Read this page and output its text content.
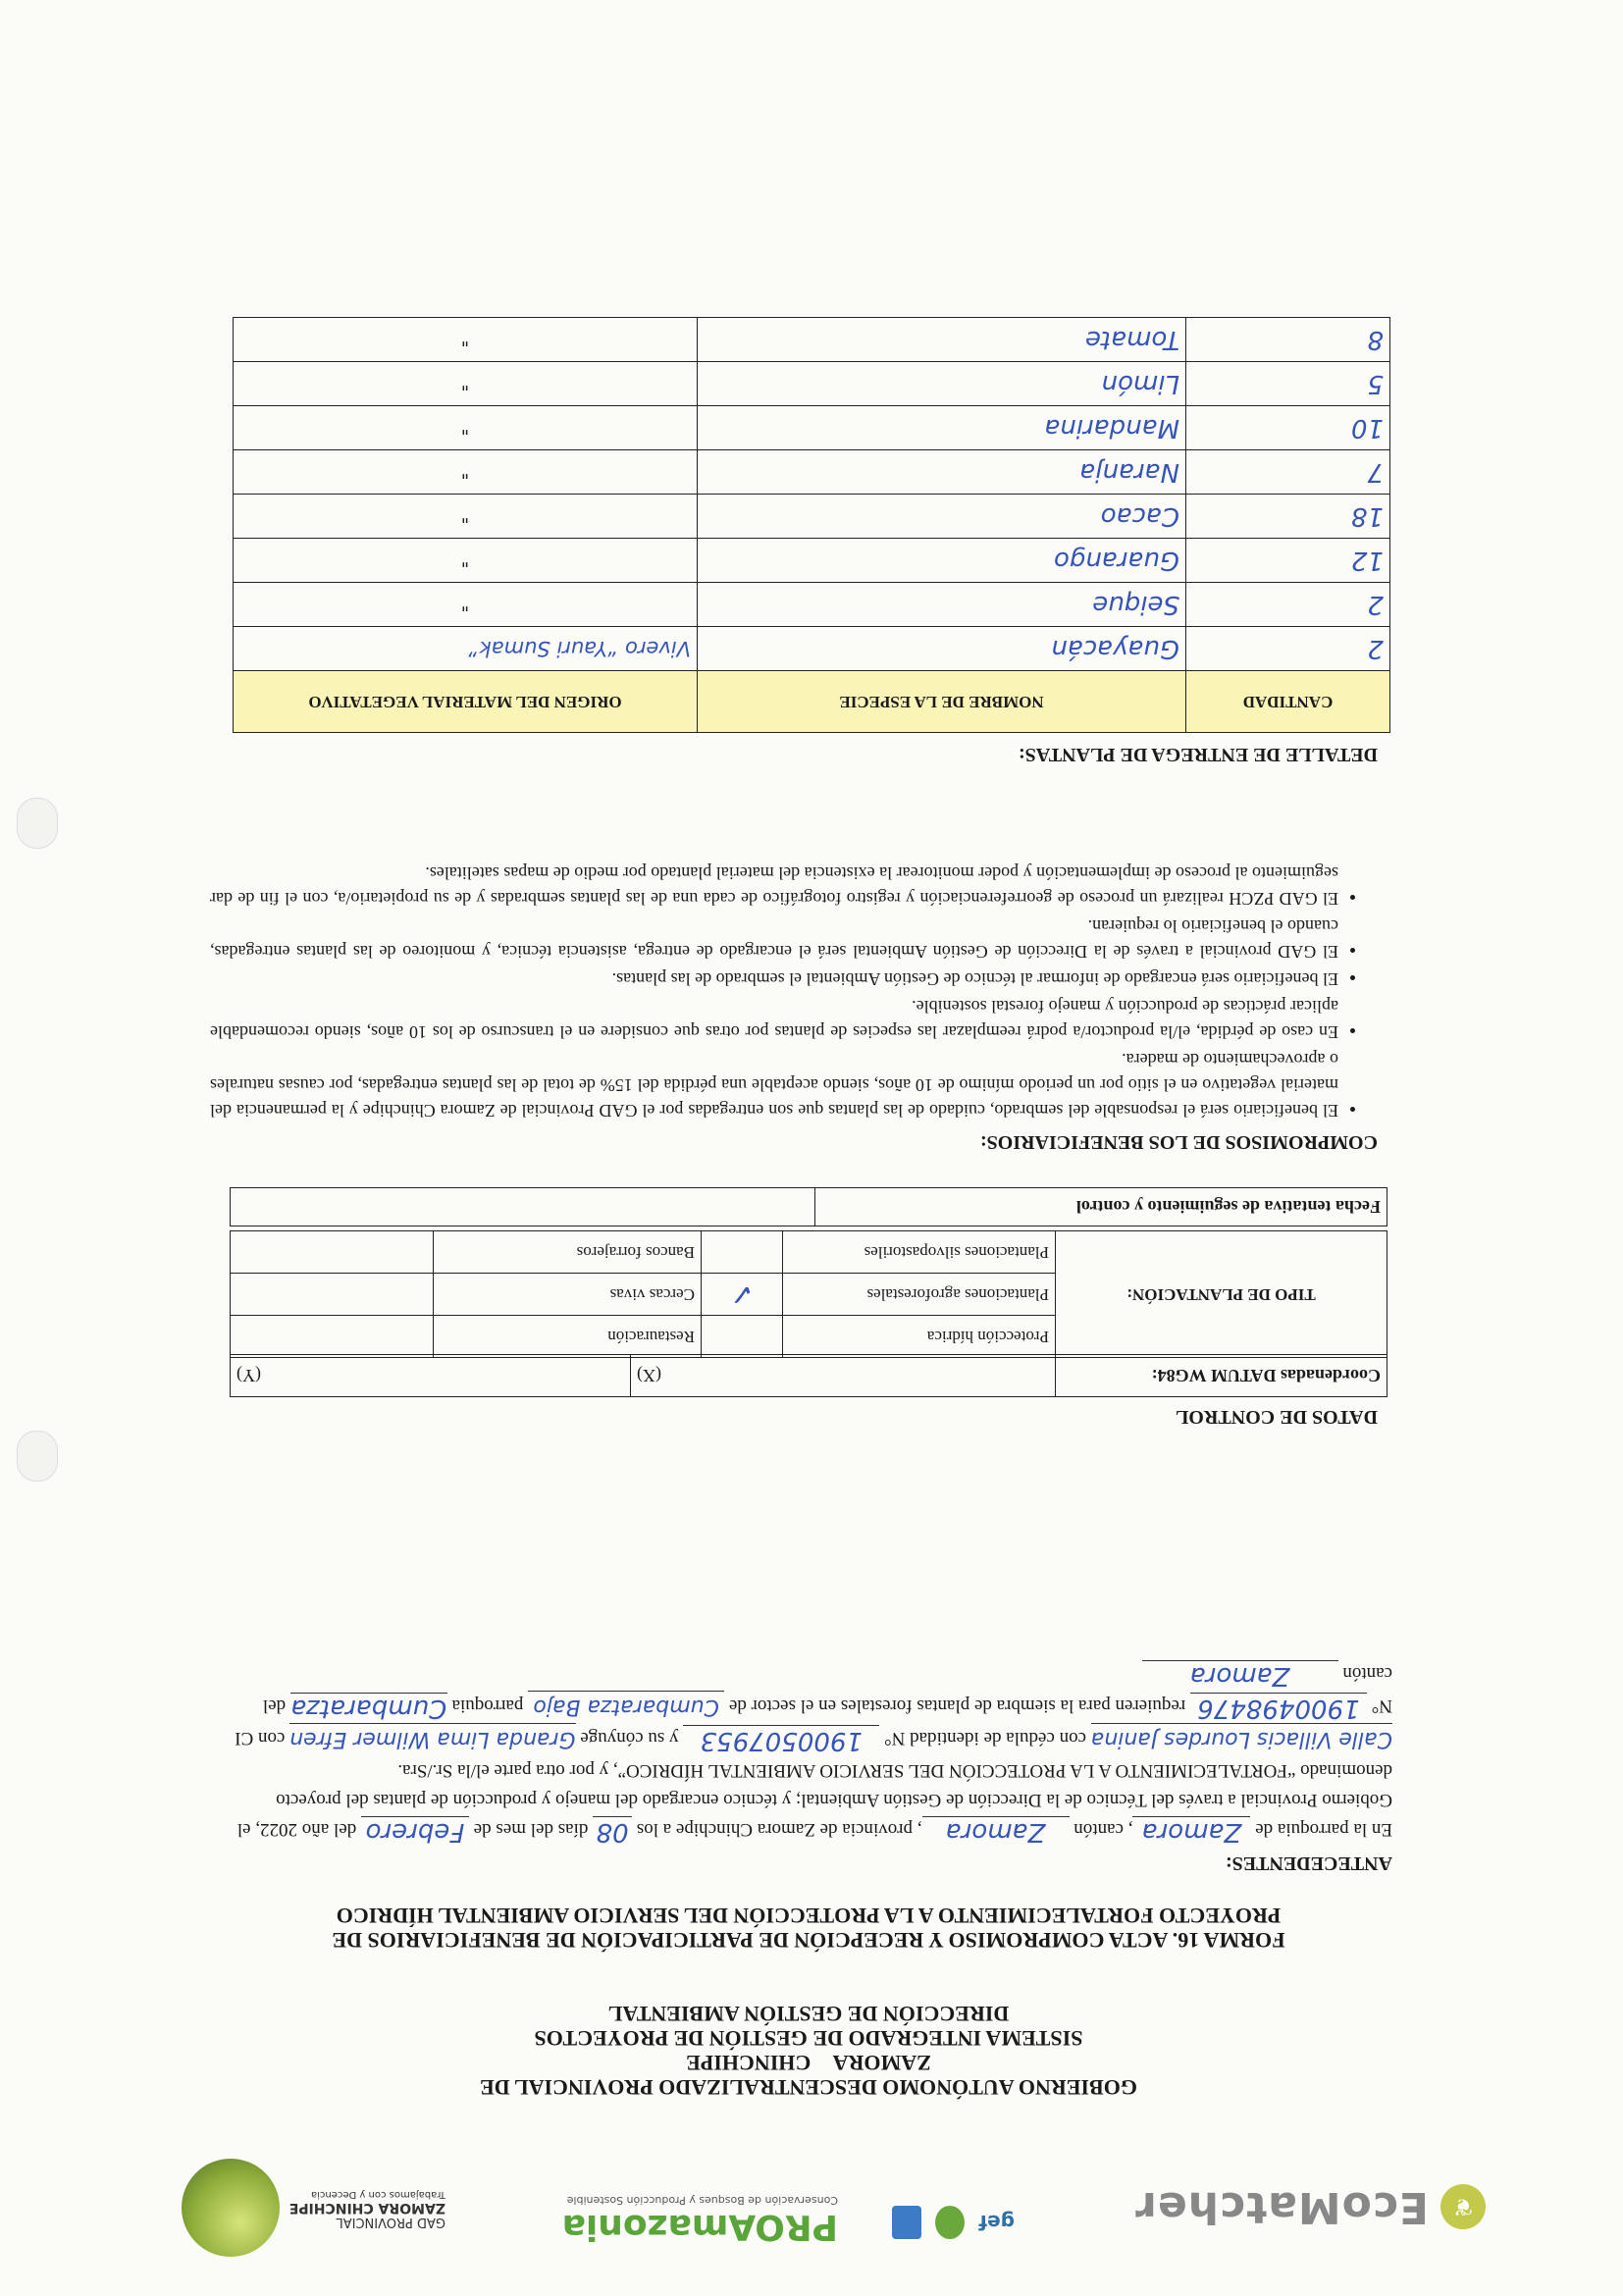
❦
EcoMatcher
gef
PROAmazonia
Conservación de Bosques y Producción Sostenible
GAD PROVINCIAL
ZAMORA CHINCHIPE
Trabajamos con y Decencia
GOBIERNO AUTÓNOMO DESCENTRALIZADO PROVINCIAL DE
ZAMORA CHINCHIPE
SISTEMA INTEGRADO DE GESTIÓN DE PROYECTOS
DIRECCIÓN DE GESTIÓN AMBIENTAL
FORMA 16. ACTA COMPROMISO Y RECEPCIÓN DE PARTICIPACIÓN DE BENEFICIARIOS DE
PROYECTO FORTALECIMIENTO A LA PROTECCIÓN DEL SERVICIO AMBIENTAL HÍDRICO
ANTECEDENTES:
En la parroquia de Zamora, cantón Zamora, provincia de Zamora Chinchipe a los 08 días del mes de Febrero del año 2022, el Gobierno Provincial a través del Técnico de la Dirección de Gestión Ambiental; y técnico encargado del manejo y producción de plantas del proyecto denominado “FORTALECIMIENTO A LA PROTECCIÓN DEL SERVICIO AMBIENTAL HÍDRICO”, y por otra parte el/la Sr./Sra. Calle Villacis Lourdes Janina con cédula de identidad N° 1900507953 y su cónyuge Granda Lima Wilmer Efren con CI N° 1900498476 requieren para la siembra de plantas forestales en el sector de Cumbaratza Bajo parroquia Cumbaratza del cantón Zamora
DATOS DE CONTROL
Coordenadas DATUM WG84:	(X)	(Y)
TIPO DE PLANTACIÓN:	Protección hídrica		Restauración	
	Plantaciones agroforestales	✓	Cercas vivas	
	Plantaciones silvopastoriles		Bancos forrajeros	
Fecha tentativa de seguimiento y control	
COMPROMISOS DE LOS BENEFICIARIOS:
• El beneficiario será el responsable del sembrado, cuidado de las plantas que son entregadas por el GAD Provincial de Zamora Chinchipe y la permanencia del material vegetativo en el sitio por un periodo mínimo de 10 años, siendo aceptable una pérdida del 15% de total de las plantas entregadas, por causas naturales o aprovechamiento de madera.
• En caso de pérdida, el/la productor/a podrá reemplazar las especies de plantas por otras que considere en el transcurso de los 10 años, siendo recomendable aplicar prácticas de producción y manejo forestal sostenible.
• El beneficiario será encargado de informar al técnico de Gestión Ambiental el sembrado de las plantas.
• El GAD provincial a través de la Dirección de Gestión Ambiental será el encargado de entrega, asistencia técnica, y monitoreo de las plantas entregadas, cuando el beneficiario lo requieran.
• El GAD PZCH realizará un proceso de georreferenciación y registro fotográfico de cada una de las plantas sembradas y de su propietario/a, con el fin de dar seguimiento al proceso de implementación y poder monitorear la existencia del material plantado por medio de mapas satelitales.
DETALLE DE ENTREGA DE PLANTAS:
CANTIDAD	NOMBRE DE LA ESPECIE	ORIGEN DEL MATERIAL VEGETATIVO
2	Guayacán	Vivero “Yauri Sumak”
2	Seique	"
12	Guarango	"
18	Cacao	"
7	Naranja	"
10	Mandarina	"
5	Limón	"
8	Tomate	"
